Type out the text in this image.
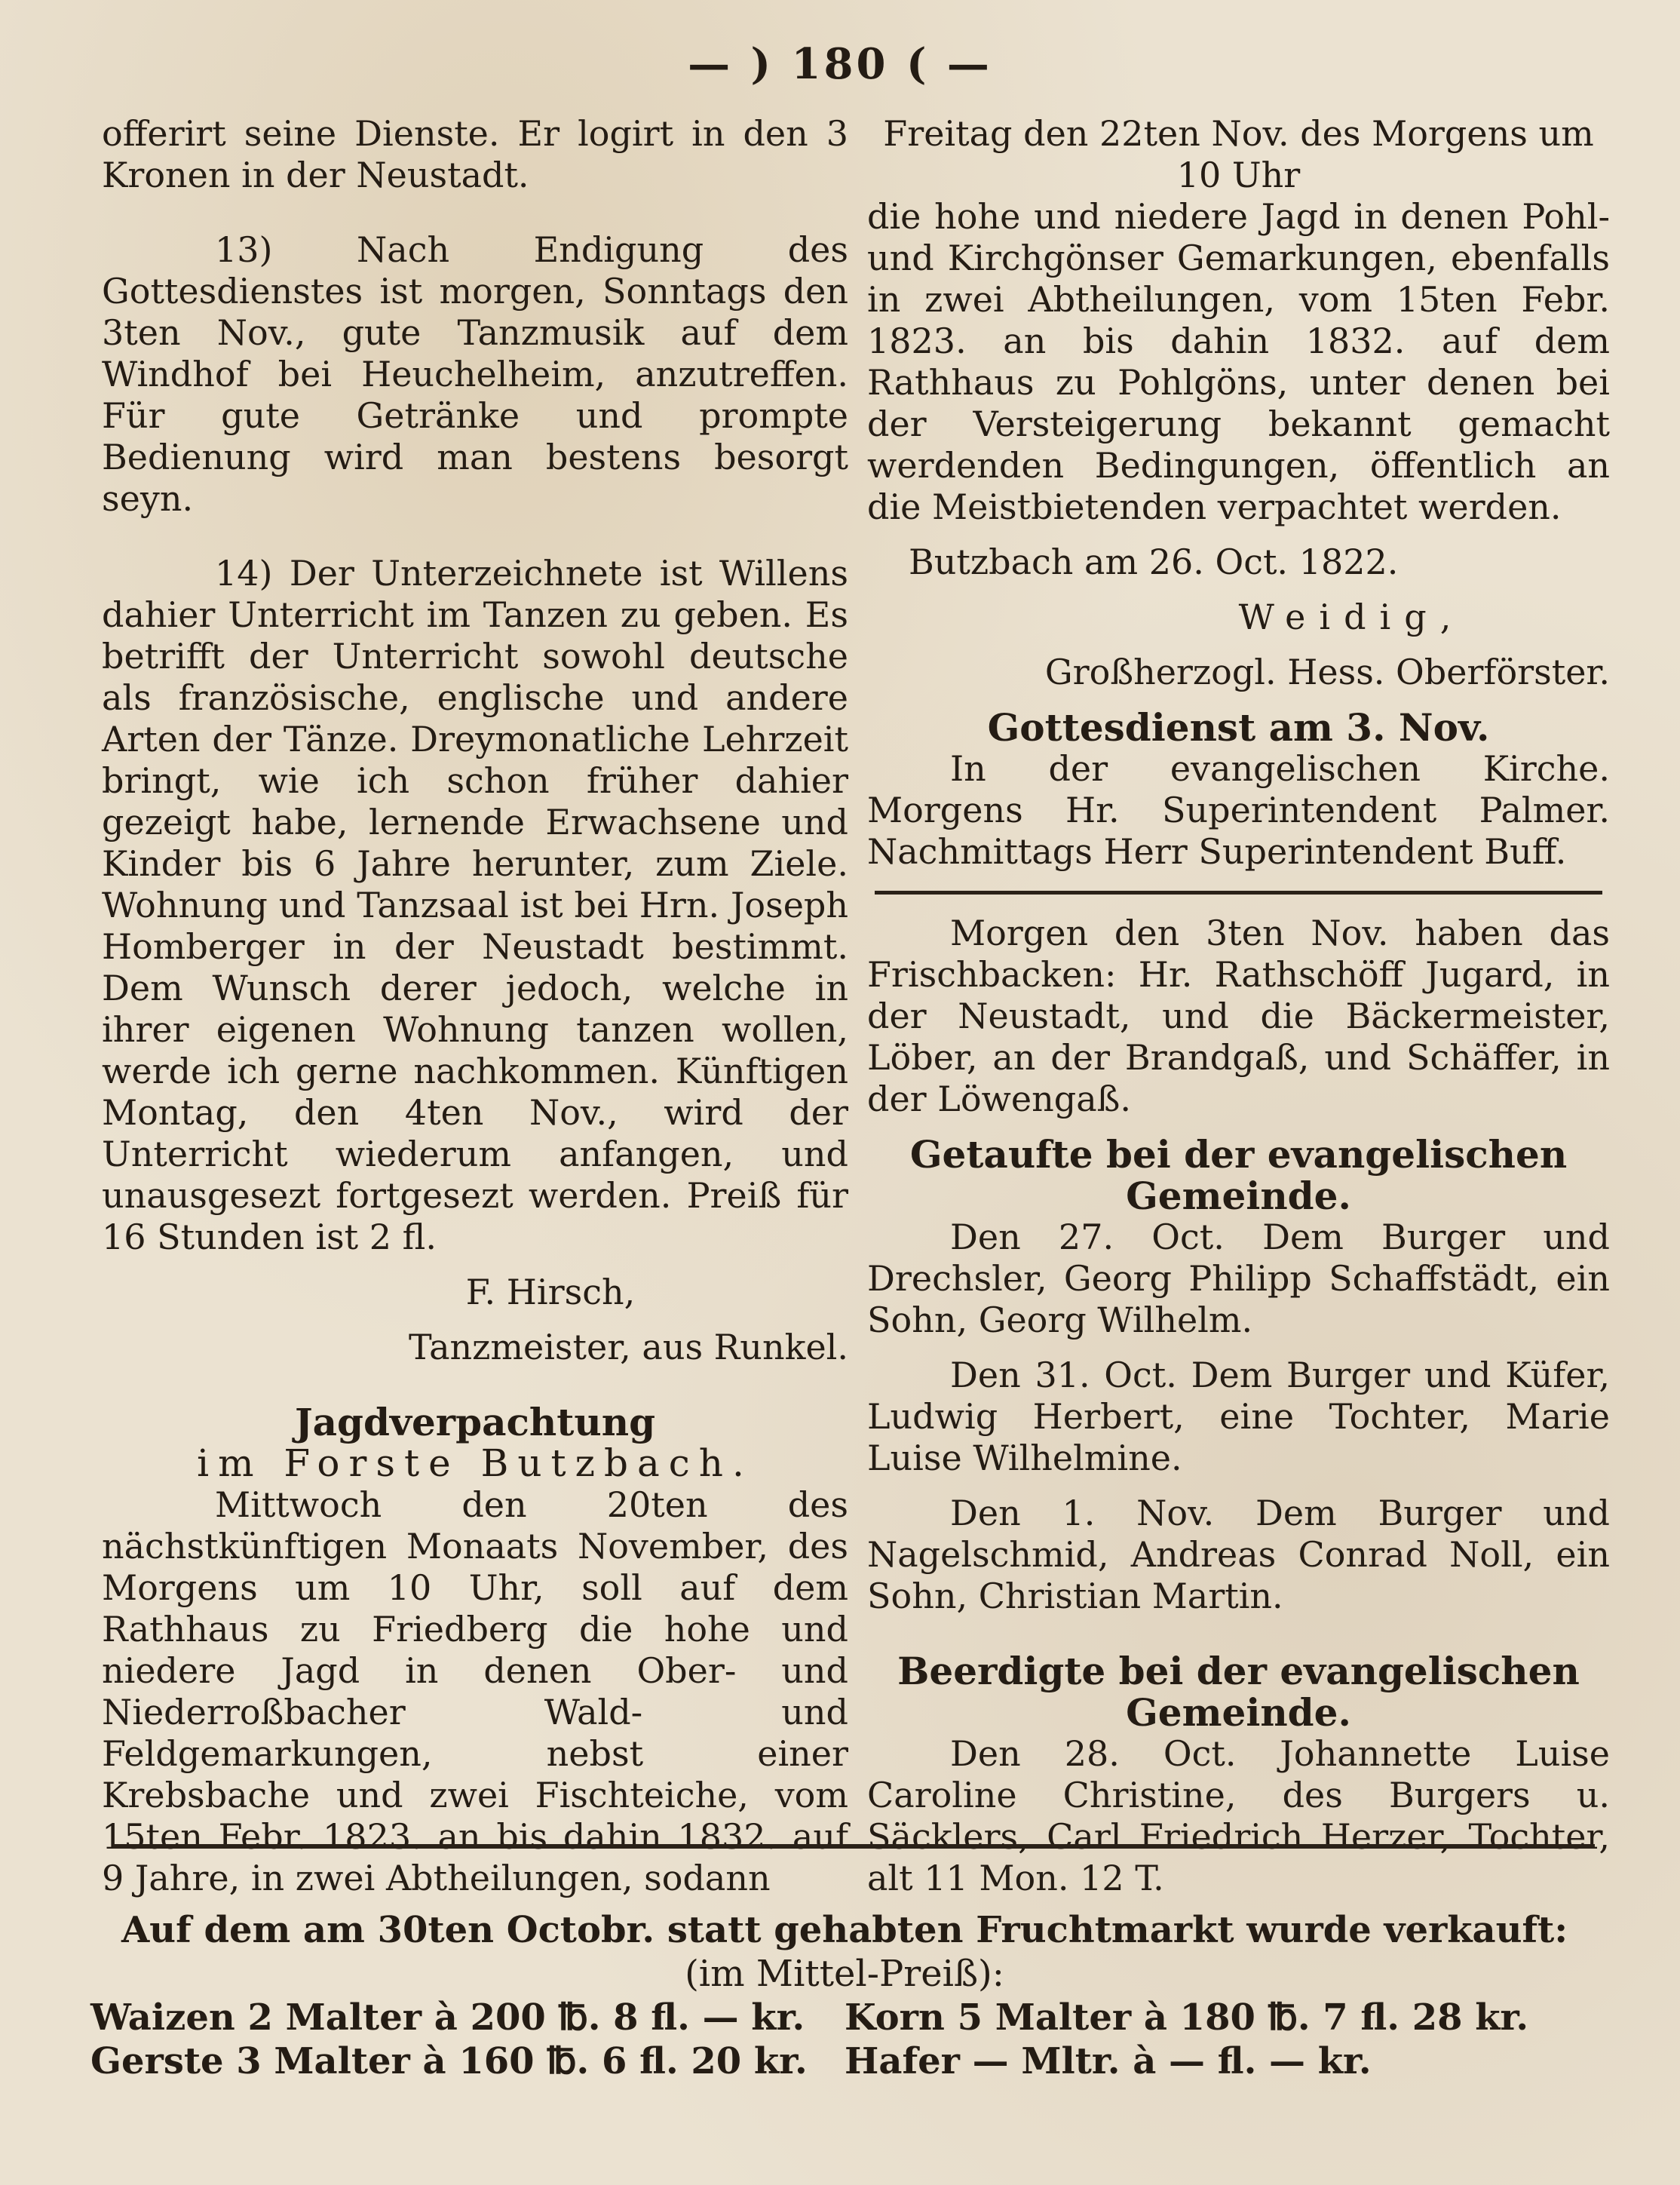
— ) 180 ( —

offerirt seine Dienste. Er logirt in den 3 Kronen in der Neustadt.

13) Nach Endigung des Gottesdienstes ist morgen, Sonntags den 3ten Nov., gute Tanzmusik auf dem Windhof bei Heuchelheim, anzutreffen. Für gute Getränke und prompte Bedienung wird man bestens besorgt seyn.

14) Der Unterzeichnete ist Willens dahier Unterricht im Tanzen zu geben. Es betrifft der Unterricht sowohl deutsche als französische, englische und andere Arten der Tänze. Dreymonatliche Lehrzeit bringt, wie ich schon früher dahier gezeigt habe, lernende Erwachsene und Kinder bis 6 Jahre herunter, zum Ziele. Wohnung und Tanzsaal ist bei Hrn. Joseph Homberger in der Neustadt bestimmt. Dem Wunsch derer jedoch, welche in ihrer eigenen Wohnung tanzen wollen, werde ich gerne nachkommen. Künftigen Montag, den 4ten Nov., wird der Unterricht wiederum anfangen, und unausgesezt fortgesezt werden. Preiß für 16 Stunden ist 2 fl.

F. Hirsch,

Tanzmeister, aus Runkel.

Jagdverpachtung

im Forste Butzbach.

Mittwoch den 20ten des nächstkünftigen Monaats November, des Morgens um 10 Uhr, soll auf dem Rathhaus zu Friedberg die hohe und niedere Jagd in denen Ober- und Niederroßbacher Wald- und Feldgemarkungen, nebst einer Krebsbache und zwei Fischteiche, vom 15ten Febr. 1823. an bis dahin 1832. auf 9 Jahre, in zwei Abtheilungen, sodann

Freitag den 22ten Nov. des Morgens um 10 Uhr

die hohe und niedere Jagd in denen Pohl- und Kirchgönser Gemarkungen, ebenfalls in zwei Abtheilungen, vom 15ten Febr. 1823. an bis dahin 1832. auf dem Rathhaus zu Pohlgöns, unter denen bei der Versteigerung bekannt gemacht werdenden Bedingungen, öffentlich an die Meistbietenden verpachtet werden.

Butzbach am 26. Oct. 1822.

Weidig,

Großherzogl. Hess. Oberförster.

Gottesdienst am 3. Nov.

In der evangelischen Kirche. Morgens Hr. Superintendent Palmer. Nachmittags Herr Superintendent Buff.

Morgen den 3ten Nov. haben das Frischbacken: Hr. Rathschöff Jugard, in der Neustadt, und die Bäckermeister, Löber, an der Brandgaß, und Schäffer, in der Löwengaß.

Getaufte bei der evangelischen Gemeinde.

Den 27. Oct. Dem Burger und Drechsler, Georg Philipp Schaffstädt, ein Sohn, Georg Wilhelm.

Den 31. Oct. Dem Burger und Küfer, Ludwig Herbert, eine Tochter, Marie Luise Wilhelmine.

Den 1. Nov. Dem Burger und Nagelschmid, Andreas Conrad Noll, ein Sohn, Christian Martin.

Beerdigte bei der evangelischen Gemeinde.

Den 28. Oct. Johannette Luise Caroline Christine, des Burgers u. Säcklers, Carl Friedrich Herzer, Tochter, alt 11 Mon. 12 T.

Auf dem am 30ten Octobr. statt gehabten Fruchtmarkt wurde verkauft:
(im Mittel-Preiß):
Waizen 2 Malter à 200 ℔. 8 fl. — kr.	Korn 5 Malter à 180 ℔. 7 fl. 28 kr.
Gerste 3 Malter à 160 ℔. 6 fl. 20 kr.	Hafer — Mltr. à — fl. — kr.
